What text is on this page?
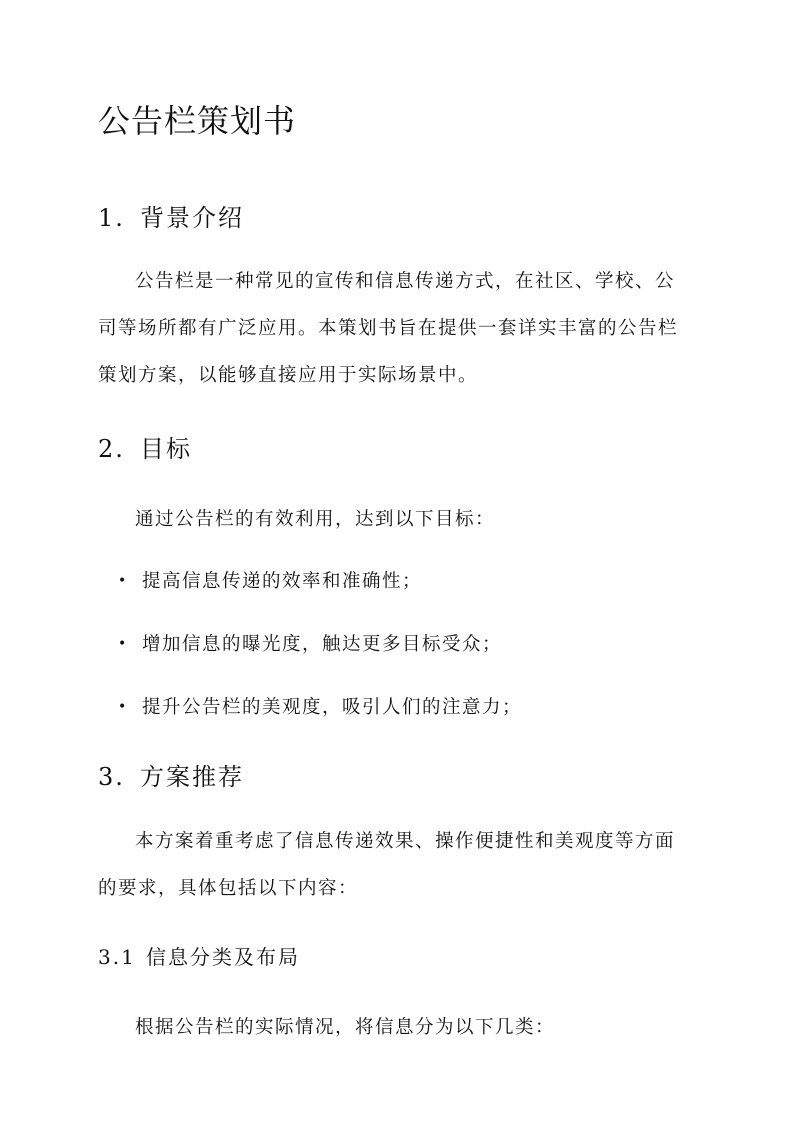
公告栏策划书
1. 背景介绍

公告栏是一种常见的宣传和信息传递方式，在社区、学校、公
司等场所都有广泛应用。本策划书旨在提供一套详实丰富的公告栏
策划方案，以能够直接应用于实际场景中。

2. 目标

通过公告栏的有效利用，达到以下目标：

• 提高信息传递的效率和准确性；
• 增加信息的曝光度，触达更多目标受众；
• 提升公告栏的美观度，吸引人们的注意力；
3. 方案推荐

本方案着重考虑了信息传递效果、操作便捷性和美观度等方面
的要求，具体包括以下内容：

3.1 信息分类及布局

根据公告栏的实际情况，将信息分为以下几类：
